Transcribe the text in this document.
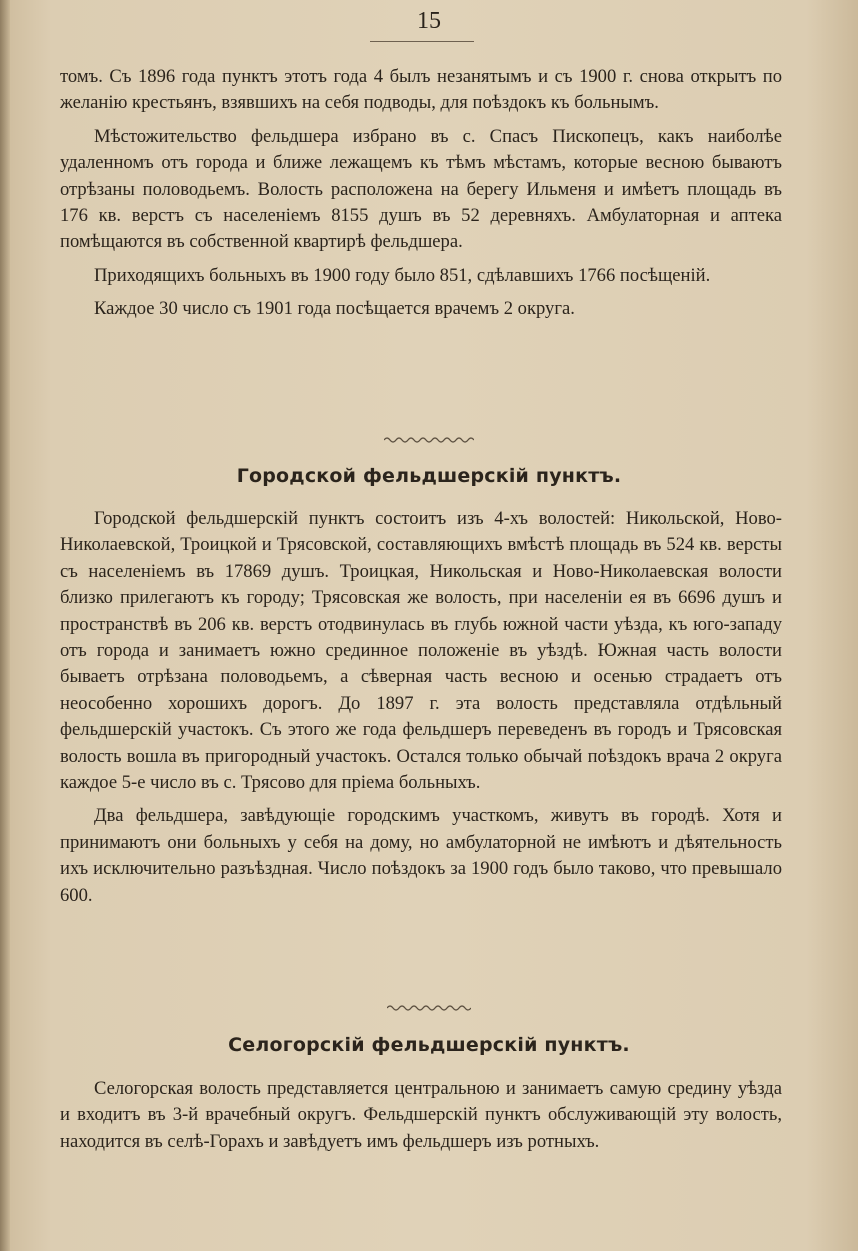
15

томъ. Съ 1896 года пунктъ этотъ года 4 былъ незанятымъ и съ 1900 г. снова открытъ по желанію крестьянъ, взявшихъ на себя подводы, для поѣздокъ къ больнымъ.

Мѣстожительство фельдшера избрано въ с. Спасъ Пископецъ, какъ наиболѣе удаленномъ отъ города и ближе лежащемъ къ тѣмъ мѣстамъ, которые весною бываютъ отрѣзаны половодьемъ. Волость расположена на берегу Ильменя и имѣетъ площадь въ 176 кв. верстъ съ населеніемъ 8155 душъ въ 52 деревняхъ. Амбулаторная и аптека помѣщаются въ собственной квартирѣ фельдшера.

Приходящихъ больныхъ въ 1900 году было 851, сдѣлавшихъ 1766 посѣщеній.

Каждое 30 число съ 1901 года посѣщается врачемъ 2 округа.

Городской фельдшерскій пунктъ.

Городской фельдшерскій пунктъ состоитъ изъ 4-хъ волостей: Никольской, Ново-Николаевской, Троицкой и Трясовской, составляющихъ вмѣстѣ площадь въ 524 кв. версты съ населеніемъ въ 17869 душъ. Троицкая, Никольская и Ново-Николаевская волости близко прилегаютъ къ городу; Трясовская же волость, при населеніи ея въ 6696 душъ и пространствѣ въ 206 кв. верстъ отодвинулась въ глубь южной части уѣзда, къ юго-западу отъ города и занимаетъ южно срединное положеніе въ уѣздѣ. Южная часть волости бываетъ отрѣзана половодьемъ, а сѣверная часть весною и осенью страдаетъ отъ неособенно хорошихъ дорогъ. До 1897 г. эта волость представляла отдѣльный фельдшерскій участокъ. Съ этого же года фельдшеръ переведенъ въ городъ и Трясовская волость вошла въ пригородный участокъ. Остался только обычай поѣздокъ врача 2 округа каждое 5-е число въ с. Трясово для пріема больныхъ.

Два фельдшера, завѣдующіе городскимъ участкомъ, живутъ въ городѣ. Хотя и принимаютъ они больныхъ у себя на дому, но амбулаторной не имѣютъ и дѣятельность ихъ исключительно разъѣздная. Число поѣздокъ за 1900 годъ было таково, что превышало 600.

Селогорскій фельдшерскій пунктъ.

Селогорская волость представляется центральною и занимаетъ самую средину уѣзда и входитъ въ 3-й врачебный округъ. Фельдшерскій пунктъ обслуживающій эту волость, находится въ селѣ-Горахъ и завѣдуетъ имъ фельдшеръ изъ ротныхъ.
